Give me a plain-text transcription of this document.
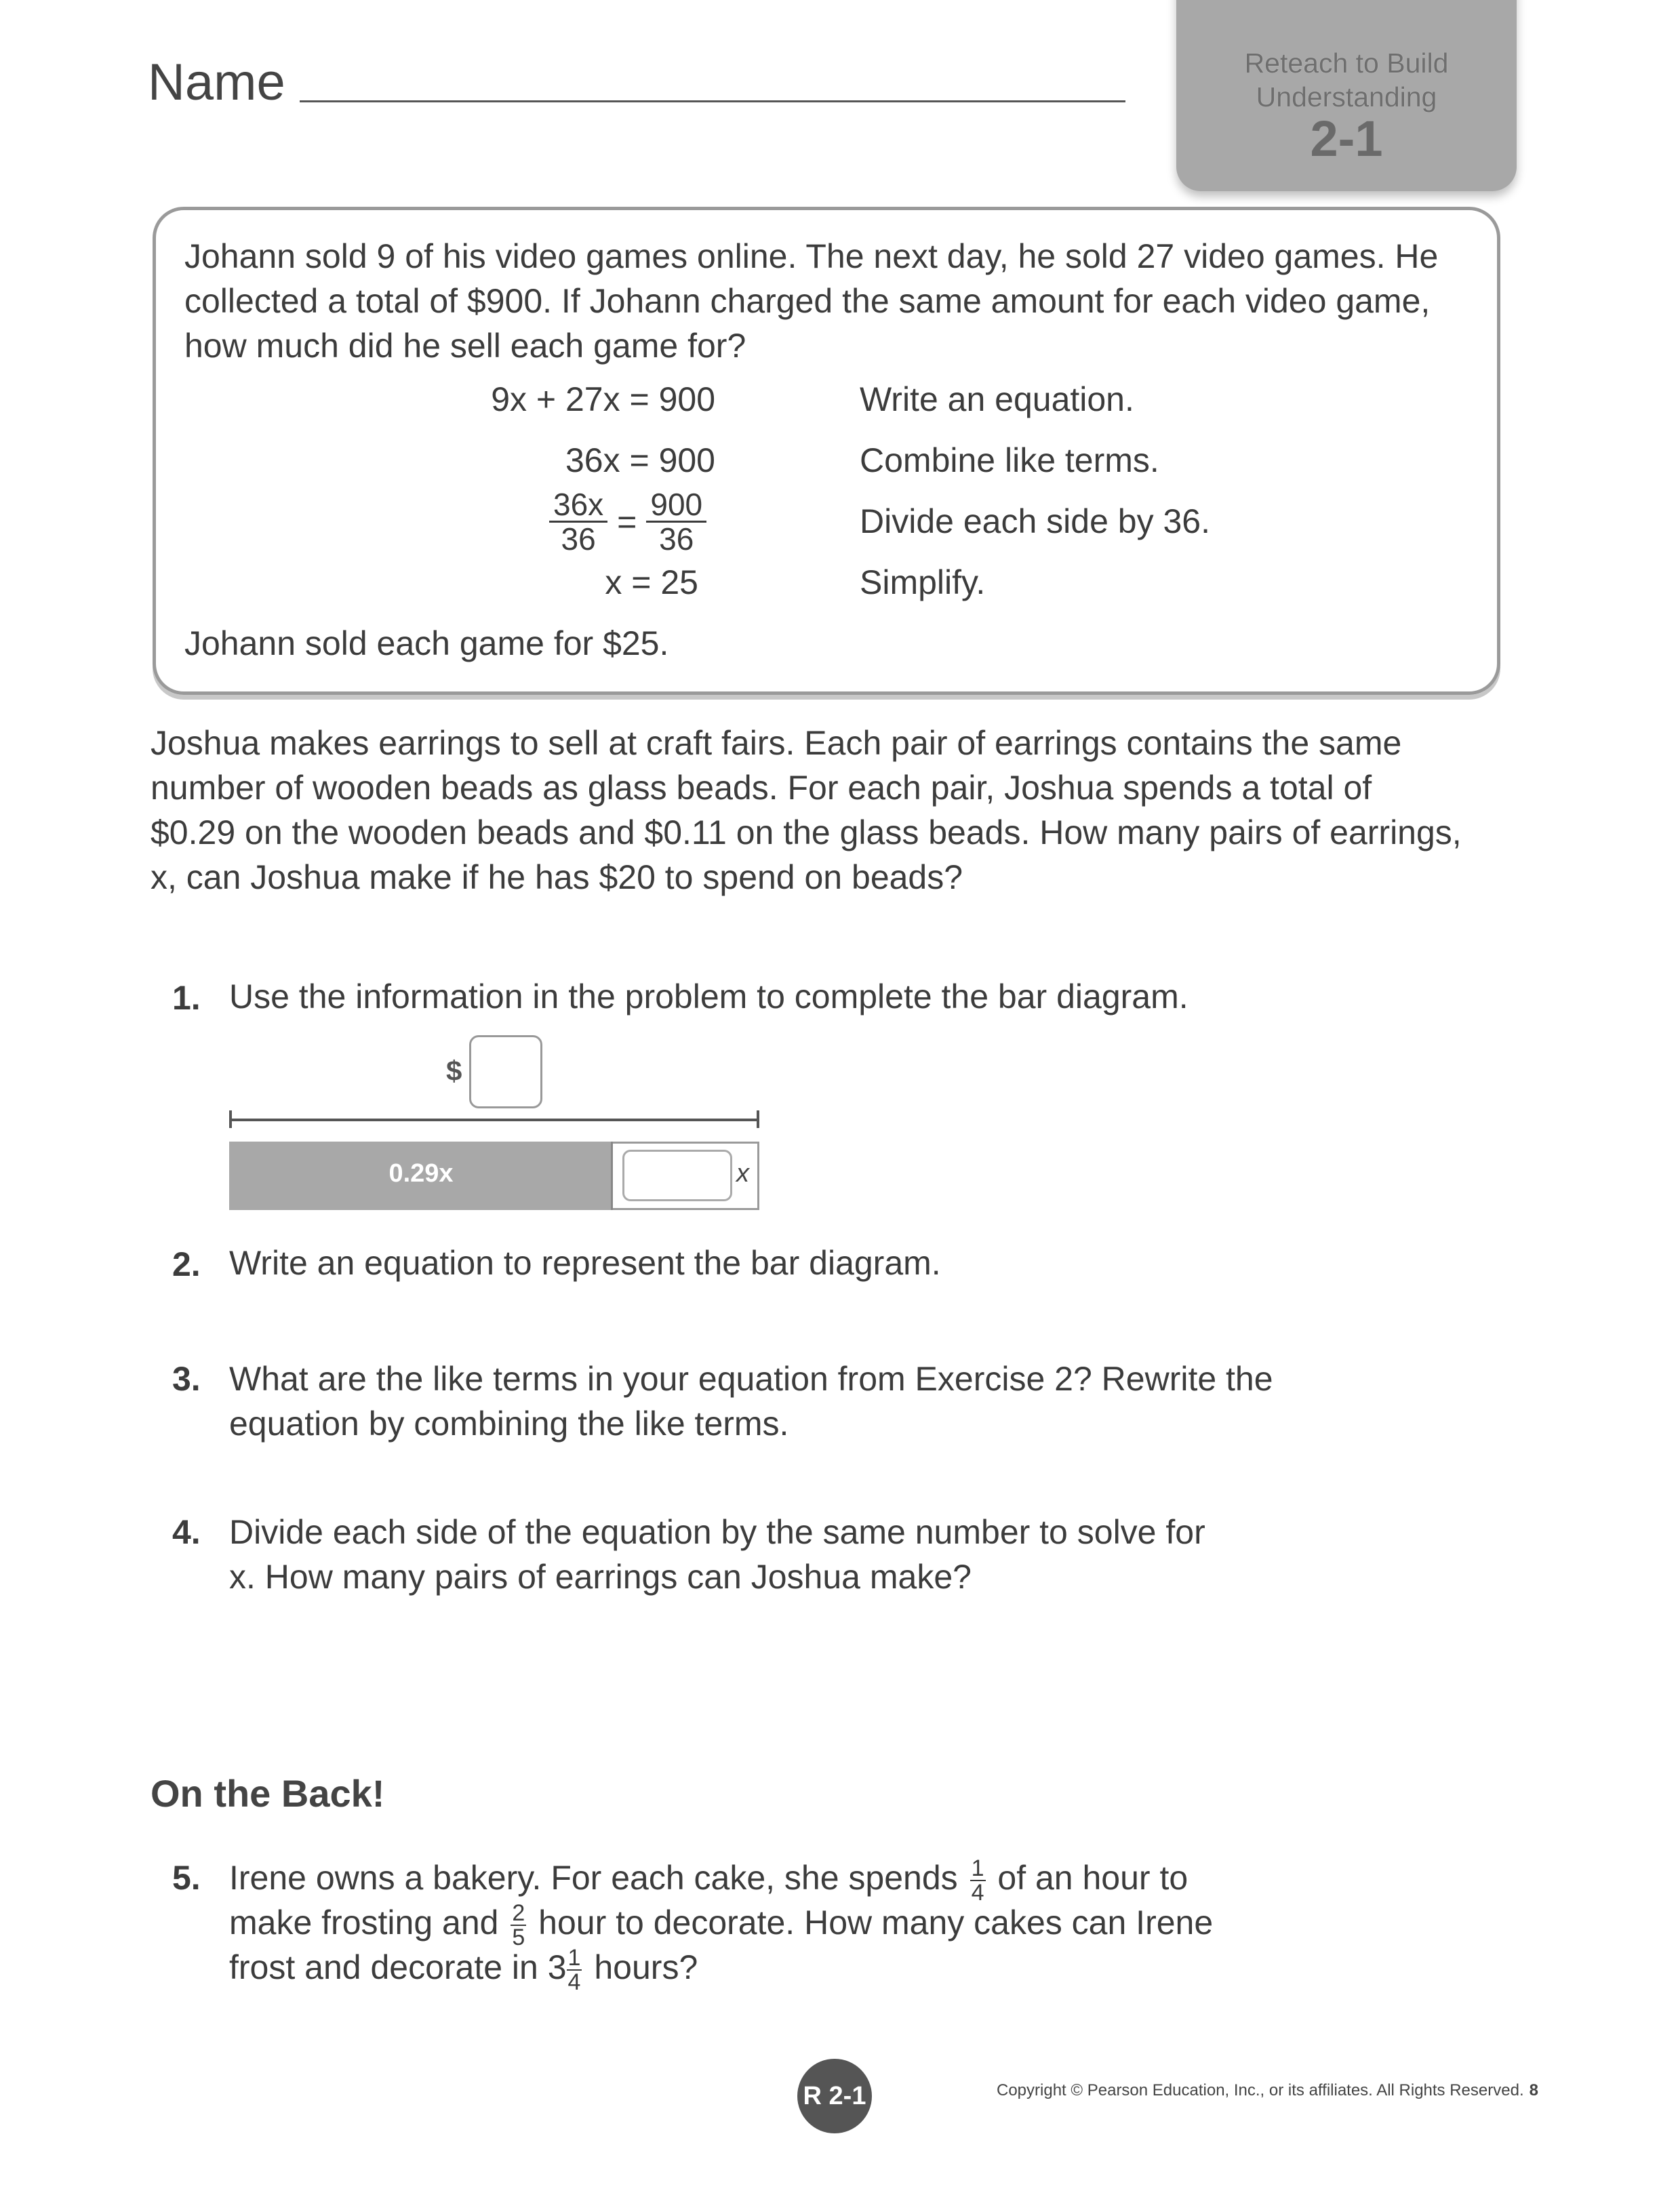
Name	Reteach to Build
Understanding
2-1
Johann sold 9 of his video games online. The next day, he sold 27 video games. He collected a total of $900. If Johann charged the same amount for each video game, how much did he sell each game for?
9x + 27x = 900	Write an equation.
36x = 900	Combine like terms.
$\frac{36x}{36} = \frac{900}{36}$	Divide each side by 36.
x = 25	Simplify.
Johann sold each game for $25.
Joshua makes earrings to sell at craft fairs. Each pair of earrings contains the same number of wooden beads as glass beads. For each pair, Joshua spends a total of $0.29 on the wooden beads and $0.11 on the glass beads. How many pairs of earrings, x, can Joshua make if he has $20 to spend on beads?
1. Use the information in the problem to complete the bar diagram.
$
0.29x	x
2. Write an equation to represent the bar diagram.
3. What are the like terms in your equation from Exercise 2? Rewrite the equation by combining the like terms.
4. Divide each side of the equation by the same number to solve for x. How many pairs of earrings can Joshua make?
On the Back!
5. Irene owns a bakery. For each cake, she spends $\frac{1}{4}$ of an hour to
make frosting and $\frac{2}{5}$ hour to decorate. How many cakes can Irene
frost and decorate in $3 \frac{1}{4}$ hours?
R 2-1	Copyright © Pearson Education, Inc., or its affiliates. All Rights Reserved. 8
